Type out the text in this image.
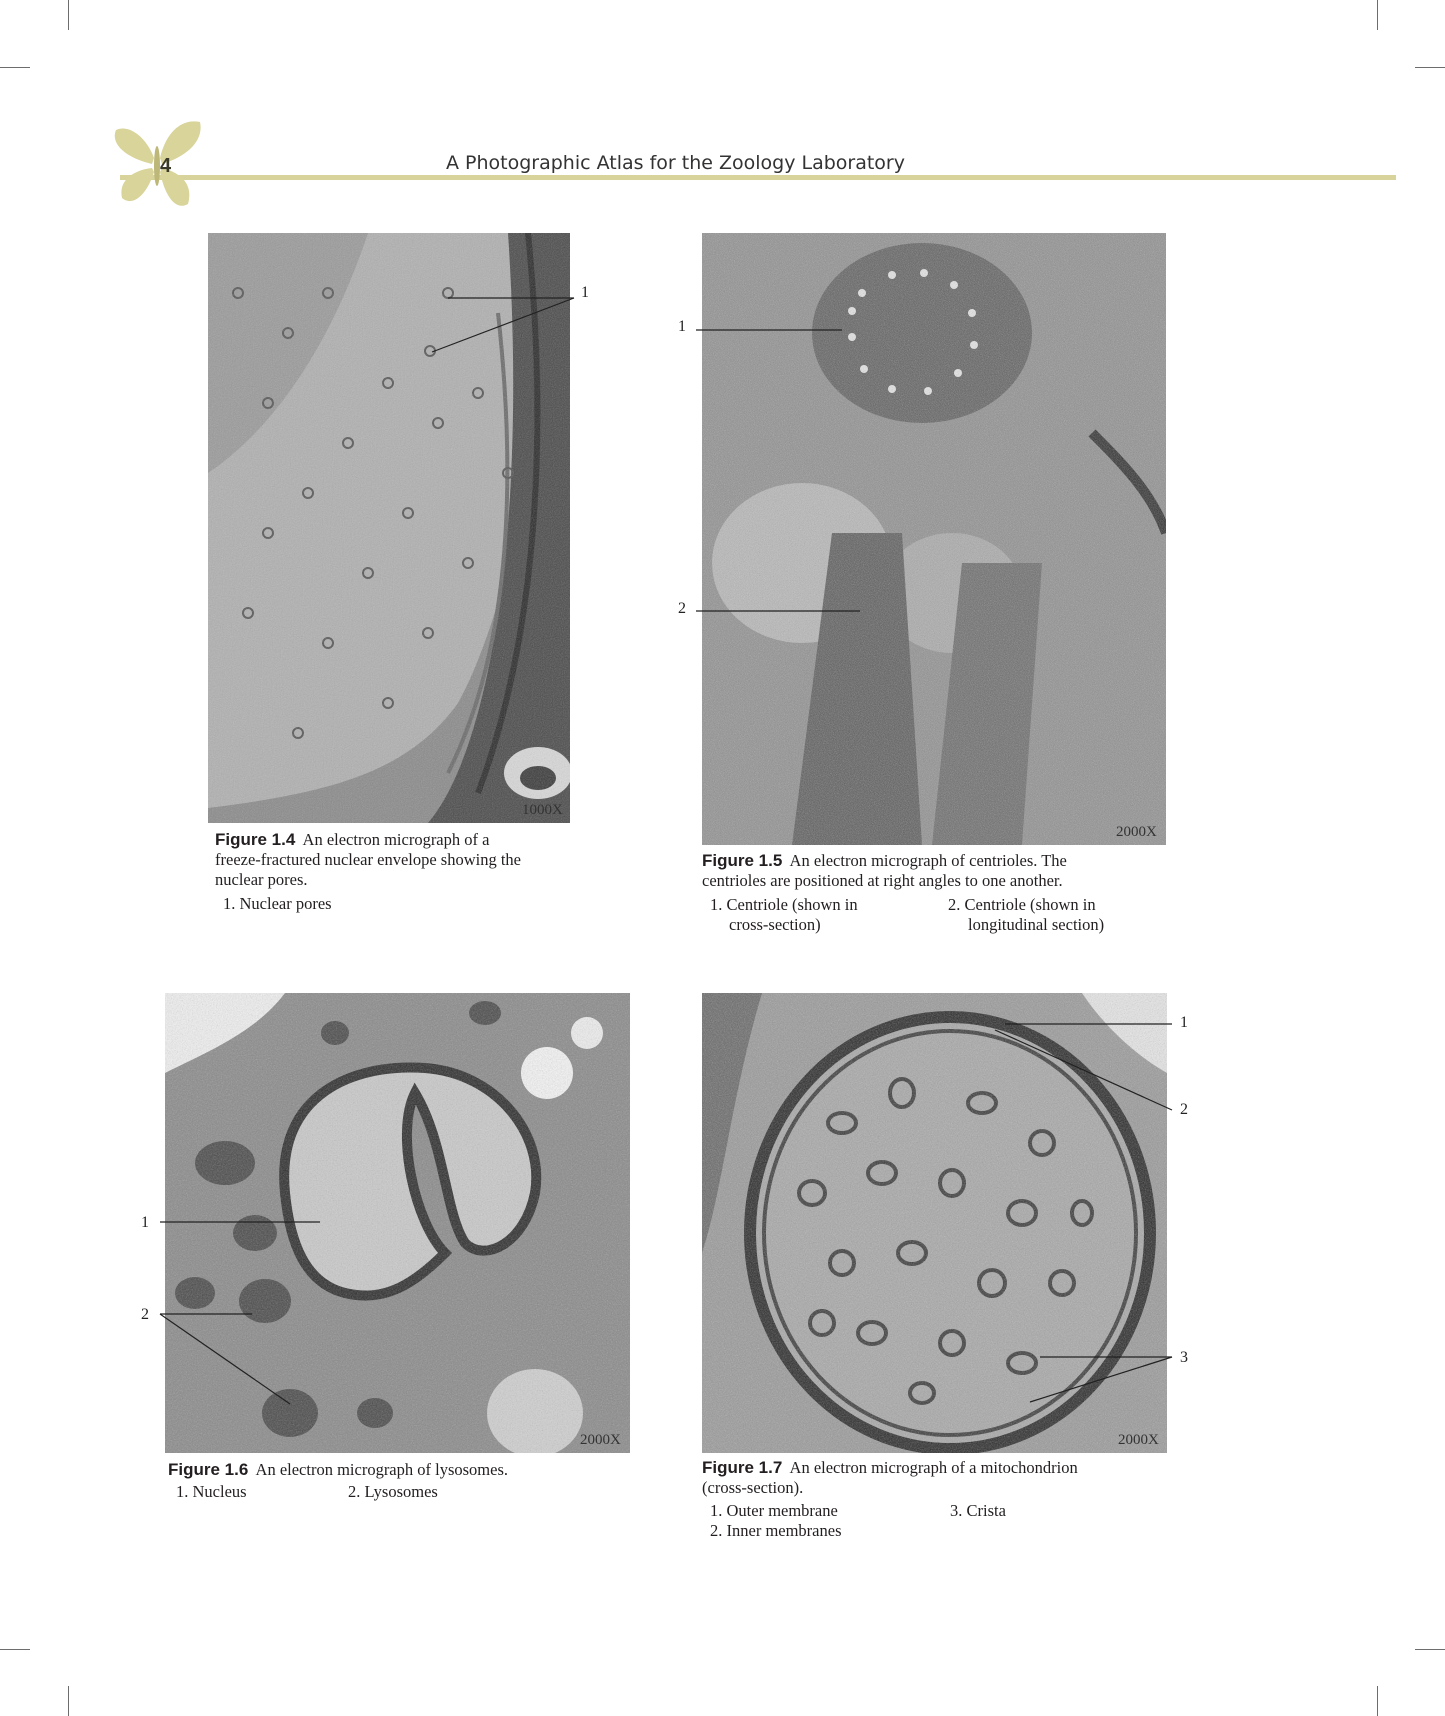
4	A Photographic Atlas for the Zoology Laboratory
1000X
1
2000X
1
2
2000X
1
2
2000X
1
2
3
Figure 1.4 An electron micrograph of a
freeze-fractured nuclear envelope showing the
nuclear pores.
1. Nuclear pores
Figure 1.5 An electron micrograph of centrioles. The
centrioles are positioned at right angles to one another.
1. Centriole (shown in
cross-section)
2. Centriole (shown in
longitudinal section)
Figure 1.6 An electron micrograph of lysosomes.
1. Nucleus	2. Lysosomes
Figure 1.7 An electron micrograph of a mitochondrion
(cross-section).
1. Outer membrane
2. Inner membranes
3. Crista
